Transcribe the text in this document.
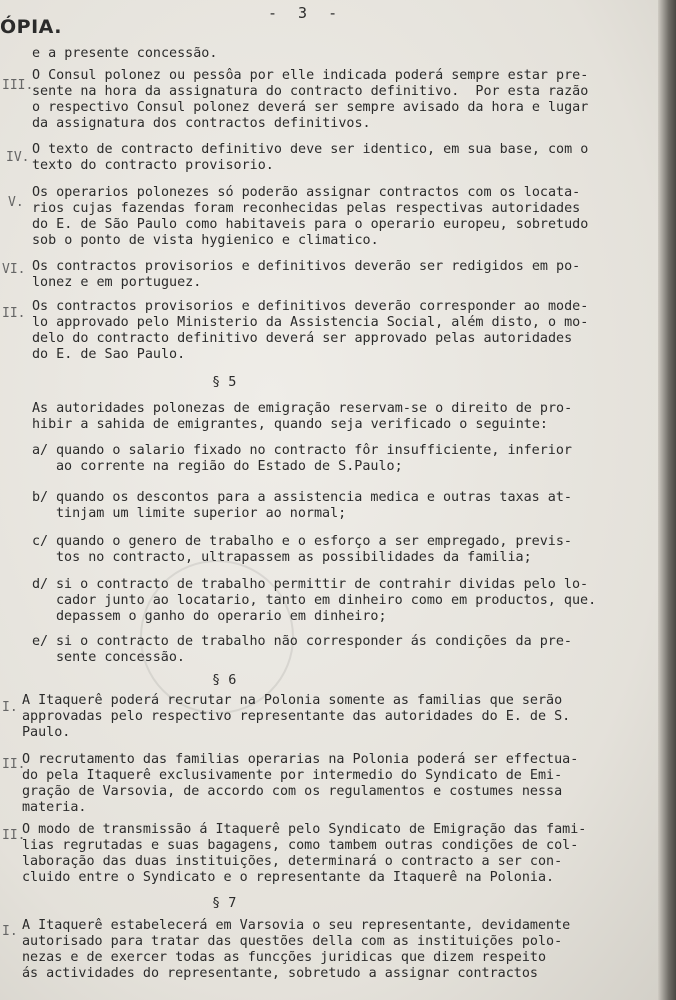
- 3 -
ÓPIA.
e a presente concessão.
III.
O Consul polonez ou pessôa por elle indicada poderá sempre estar pre-
sente na hora da assignatura do contracto definitivo.  Por esta razão
o respectivo Consul polonez deverá ser sempre avisado da hora e lugar
da assignatura dos contractos definitivos.
IV.
O texto de contracto definitivo deve ser identico, em sua base, com o
texto do contracto provisorio.
V.
Os operarios polonezes só poderão assignar contractos com os locata-
rios cujas fazendas foram reconhecidas pelas respectivas autoridades
do E. de São Paulo como habitaveis para o operario europeu, sobretudo
sob o ponto de vista hygienico e climatico.
VI. Os contractos provisorios e definitivos deverão ser redigidos em po-
lonez e em portuguez.
II. Os contractos provisorios e definitivos deverão corresponder ao mode-
lo approvado pelo Ministerio da Assistencia Social, além disto, o mo-
delo do contracto definitivo deverá ser approvado pelas autoridades
do E. de Sao Paulo.
§ 5
As autoridades polonezas de emigração reservam-se o direito de pro-
hibir a sahida de emigrantes, quando seja verificado o seguinte:
a/ quando o salario fixado no contracto fôr insufficiente, inferior
ao corrente na região do Estado de S.Paulo;
b/ quando os descontos para a assistencia medica e outras taxas at-
tinjam um limite superior ao normal;
c/ quando o genero de trabalho e o esforço a ser empregado, previs-
tos no contracto, ultrapassem as possibilidades da familia;
d/ si o contracto de trabalho permittir de contrahir dividas pelo lo-
cador junto ao locatario, tanto em dinheiro como em productos, que.
depassem o ganho do operario em dinheiro;
e/ si o contracto de trabalho não corresponder ás condições da pre-
sente concessão.
§ 6
I. A Itaquerê poderá recrutar na Polonia somente as familias que serão
approvadas pelo respectivo representante das autoridades do E. de S.
Paulo.
II.
O recrutamento das familias operarias na Polonia poderá ser effectua-
do pela Itaquerê exclusivamente por intermedio do Syndicato de Emi-
gração de Varsovia, de accordo com os regulamentos e costumes nessa
materia.
II.
O modo de transmissão á Itaquerê pelo Syndicato de Emigração das fami-
lias regrutadas e suas bagagens, como tambem outras condições de col-
laboração das duas instituições, determinará o contracto a ser con-
cluido entre o Syndicato e o representante da Itaquerê na Polonia.
§ 7
I. A Itaquerê estabelecerá em Varsovia o seu representante, devidamente
autorisado para tratar das questões della com as instituições polo-
nezas e de exercer todas as funcções juridicas que dizem respeito
ás actividades do representante, sobretudo a assignar contractos
